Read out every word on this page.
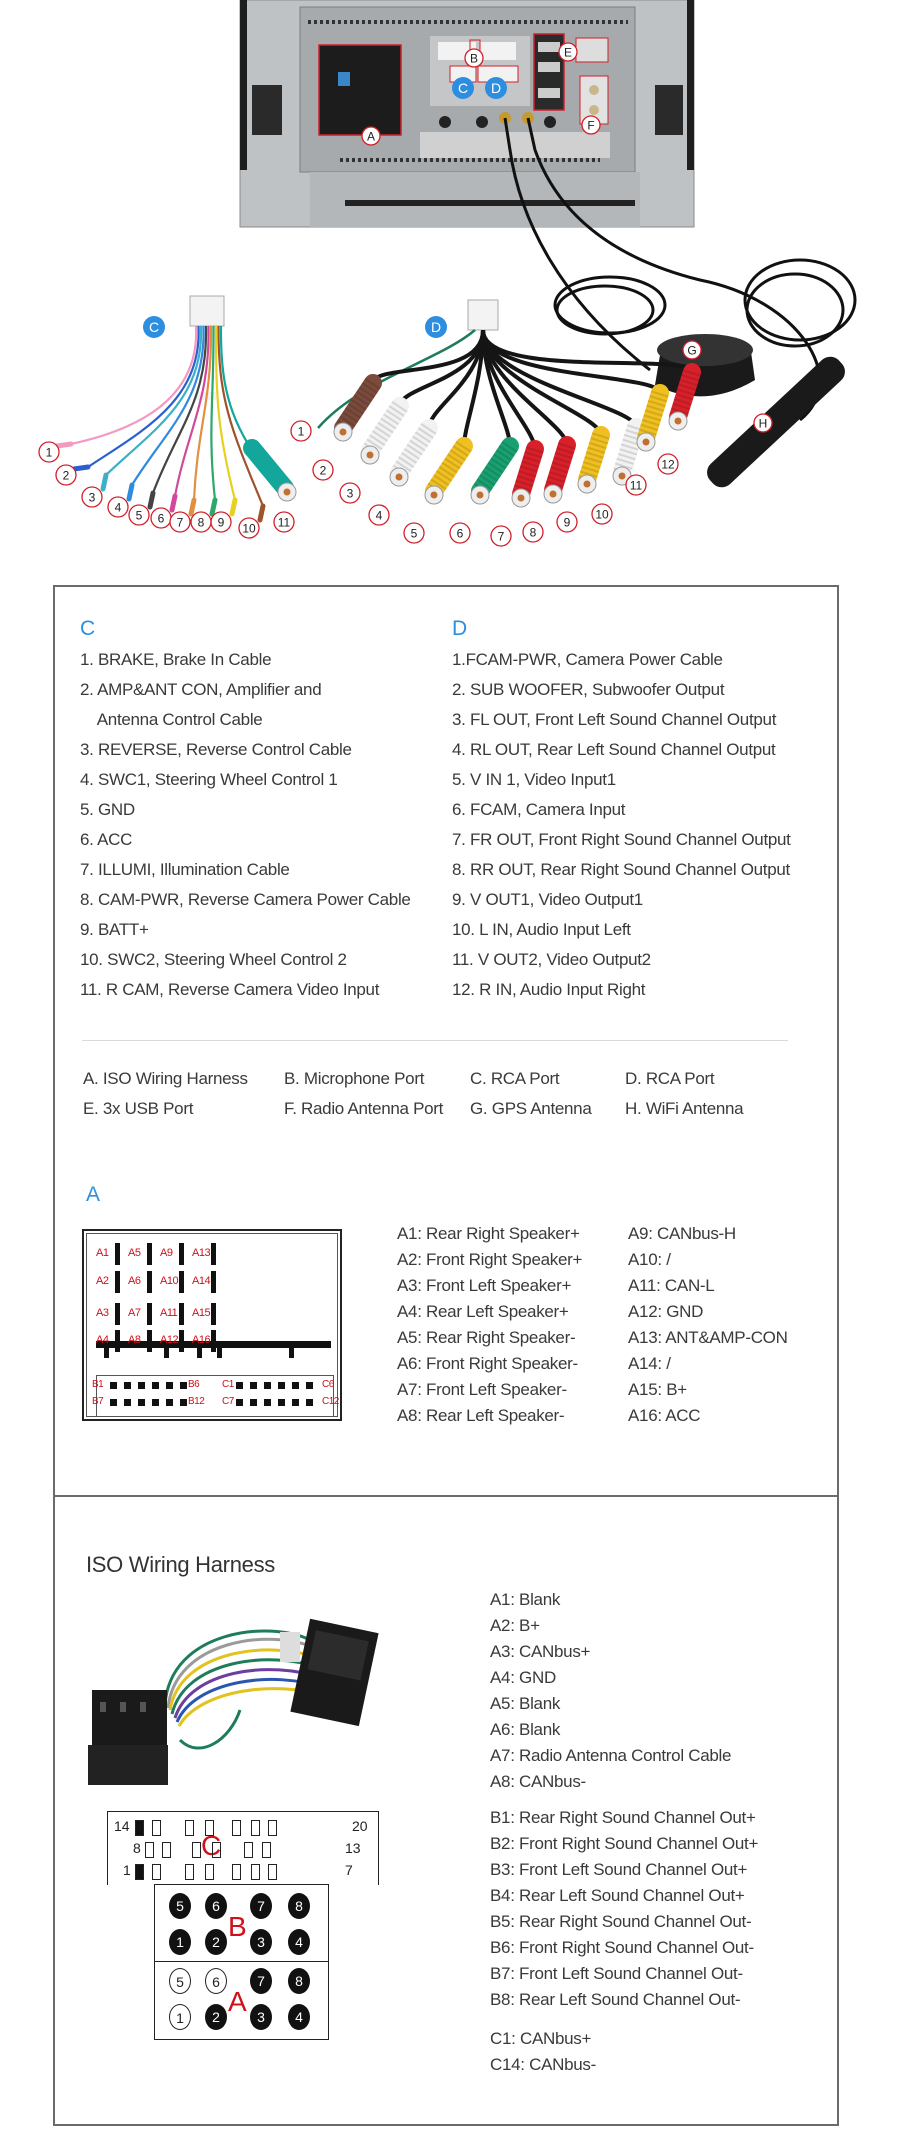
A
B	E
F
G
H
C D
C	D
1
2
3
4
5 6 7 8 9 10 11
1
2
3
4
5	6	7 8
9
10
11
12
C	D
1. BRAKE, Brake In Cable
2. AMP&ANT CON, Amplifier and
Antenna Control Cable
3. REVERSE, Reverse Control Cable
4. SWC1, Steering Wheel Control 1
5. GND
6. ACC
7. ILLUMI, Illumination Cable
8. CAM-PWR, Reverse Camera Power Cable
9. BATT+
10. SWC2, Steering Wheel Control 2
11. R CAM, Reverse Camera Video Input
1.FCAM-PWR, Camera Power Cable
2. SUB WOOFER, Subwoofer Output
3. FL OUT, Front Left Sound Channel Output
4. RL OUT, Rear Left Sound Channel Output
5. V IN 1, Video Input1
6. FCAM, Camera Input
7. FR OUT, Front Right Sound Channel Output
8. RR OUT, Rear Right Sound Channel Output
9. V OUT1, Video Output1
10. L IN, Audio Input Left
11. V OUT2, Video Output2
12. R IN, Audio Input Right
A. ISO Wiring Harness B. Microphone Port	C. RCA Port	D. RCA Port
E. 3x USB Port	F. Radio Antenna Port G. GPS Antenna H. WiFi Antenna
A
A1 A5 A9 A13
A2 A6 A10 A14
A3 A7 A11 A15
A4 A8 A12 A16
B1	B6 C1	C6
B7	B12 C7	C12
A1: Rear Right Speaker+
A2: Front Right Speaker+
A3: Front Left Speaker+
A4: Rear Left Speaker+
A5: Rear Right Speaker-
A6: Front Right Speaker-
A7: Front Left Speaker-
A8: Rear Left Speaker-
A9: CANbus-H
A10: /
A11: CAN-L
A12: GND
A13: ANT&AMP-CON
A14: /
A15: B+
A16: ACC
ISO Wiring Harness
14	20
8	13
1	7
C
5	6	7	8
1	2	3	4
B
5	6	7	8
1	2	3	4
A
A1: Blank
A2: B+
A3: CANbus+
A4: GND
A5: Blank
A6: Blank
A7: Radio Antenna Control Cable
A8: CANbus-
B1: Rear Right Sound Channel Out+
B2: Front Right Sound Channel Out+
B3: Front Left Sound Channel Out+
B4: Rear Left Sound Channel Out+
B5: Rear Right Sound Channel Out-
B6: Front Right Sound Channel Out-
B7: Front Left Sound Channel Out-
B8: Rear Left Sound Channel Out-
C1: CANbus+
C14: CANbus-
